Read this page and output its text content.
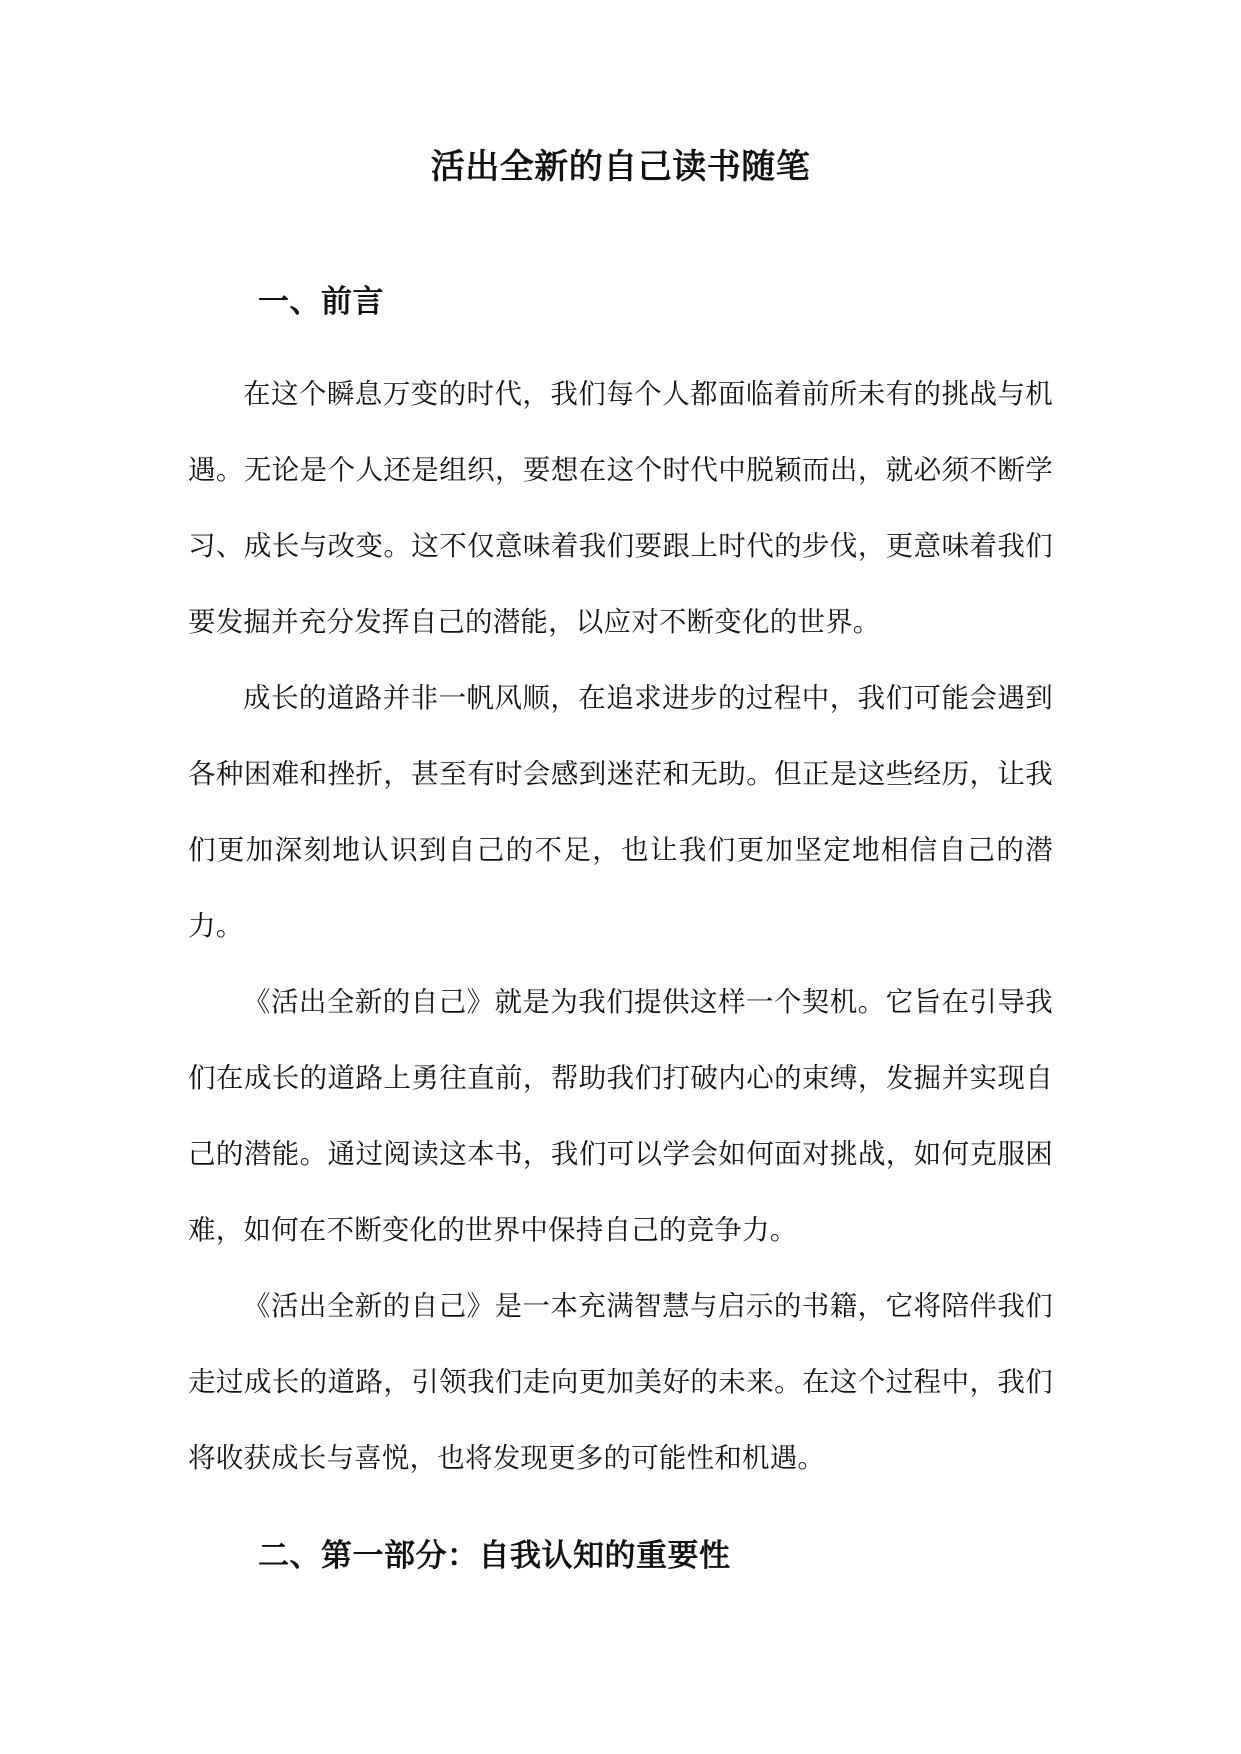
活出全新的自己读书随笔
一、前言

在这个瞬息万变的时代，我们每个人都面临着前所未有的挑战与机遇。无论是个人还是组织，要想在这个时代中脱颖而出，就必须不断学习、成长与改变。这不仅意味着我们要跟上时代的步伐，更意味着我们要发掘并充分发挥自己的潜能，以应对不断变化的世界。

成长的道路并非一帆风顺，在追求进步的过程中，我们可能会遇到各种困难和挫折，甚至有时会感到迷茫和无助。但正是这些经历，让我们更加深刻地认识到自己的不足，也让我们更加坚定地相信自己的潜力。

《活出全新的自己》就是为我们提供这样一个契机。它旨在引导我们在成长的道路上勇往直前，帮助我们打破内心的束缚，发掘并实现自己的潜能。通过阅读这本书，我们可以学会如何面对挑战，如何克服困难，如何在不断变化的世界中保持自己的竞争力。

《活出全新的自己》是一本充满智慧与启示的书籍，它将陪伴我们走过成长的道路，引领我们走向更加美好的未来。在这个过程中，我们将收获成长与喜悦，也将发现更多的可能性和机遇。

二、第一部分：自我认知的重要性
